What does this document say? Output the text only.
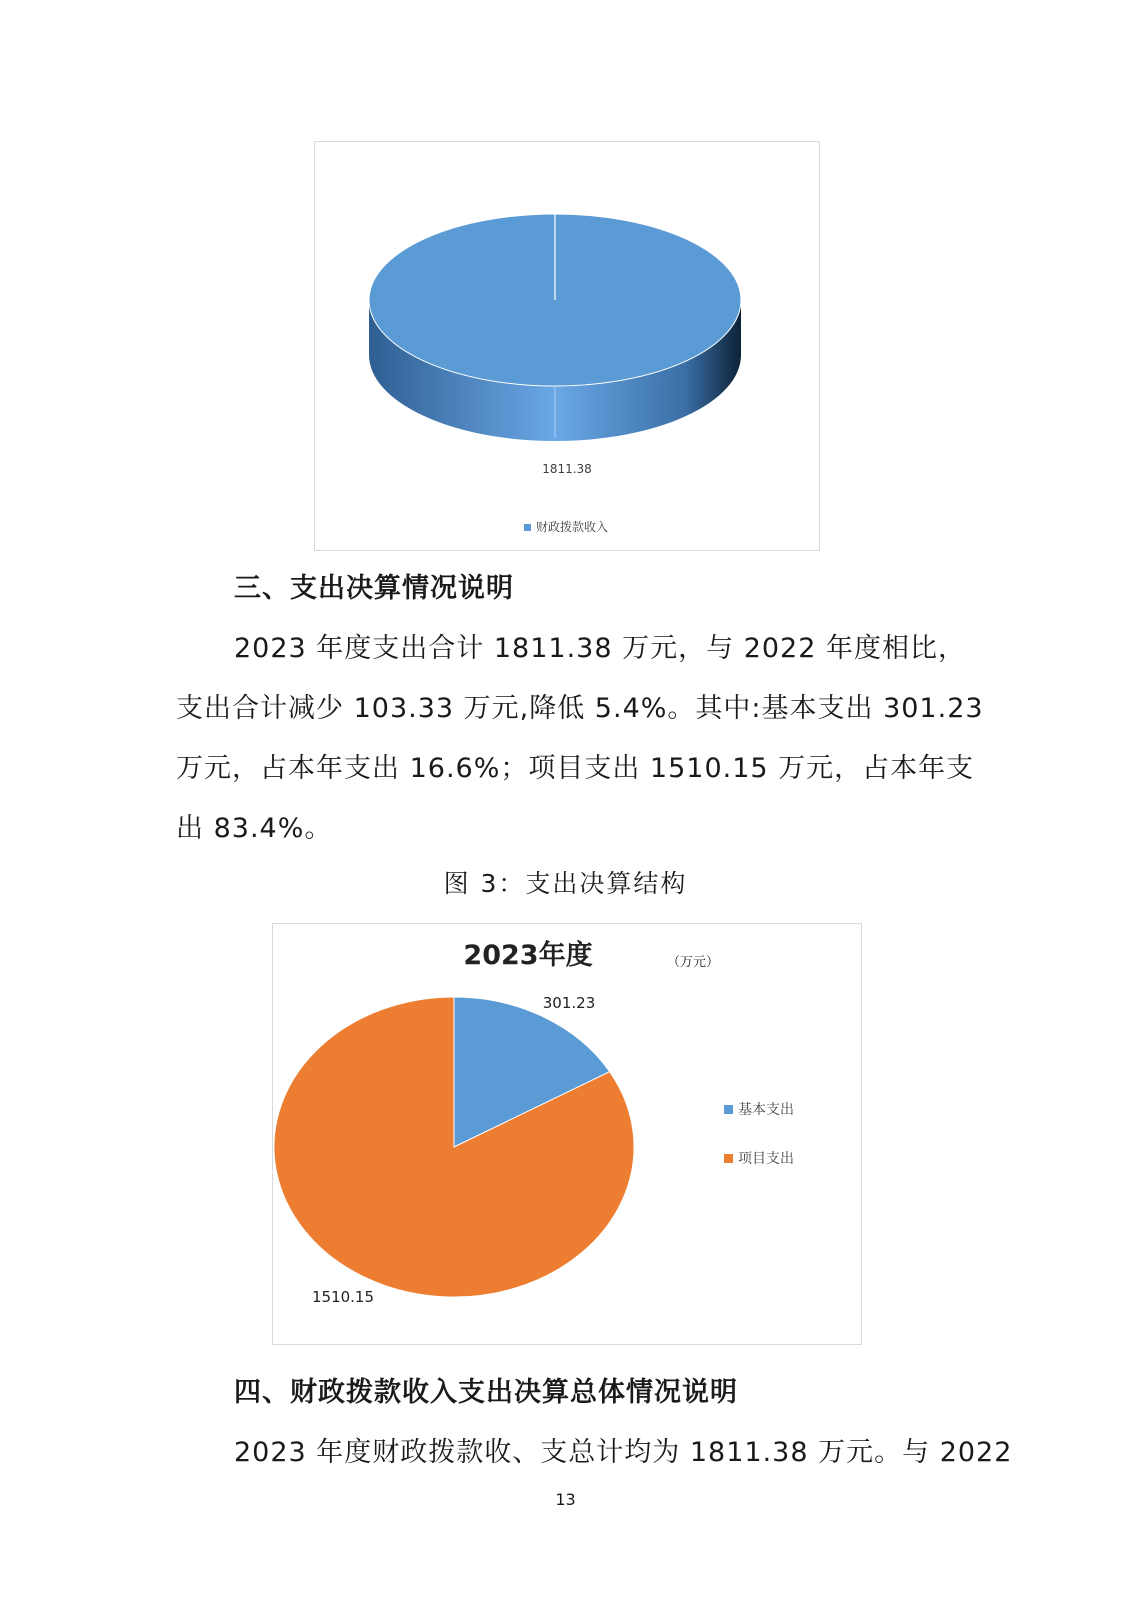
1811.38
财政拨款收入
三、支出决算情况说明
2023 年度支出合计 1811.38 万元，与 2022 年度相比，
支出合计减少 103.33 万元,降低 5.4%。其中:基本支出 301.23
万元，占本年支出 16.6%；项目支出 1510.15 万元，占本年支
出 83.4%。
图 3：支出决算结构
2023年度	（万元）
301.23
1510.15
基本支出
项目支出
四、财政拨款收入支出决算总体情况说明
2023 年度财政拨款收、支总计均为 1811.38 万元。与 2022
13
